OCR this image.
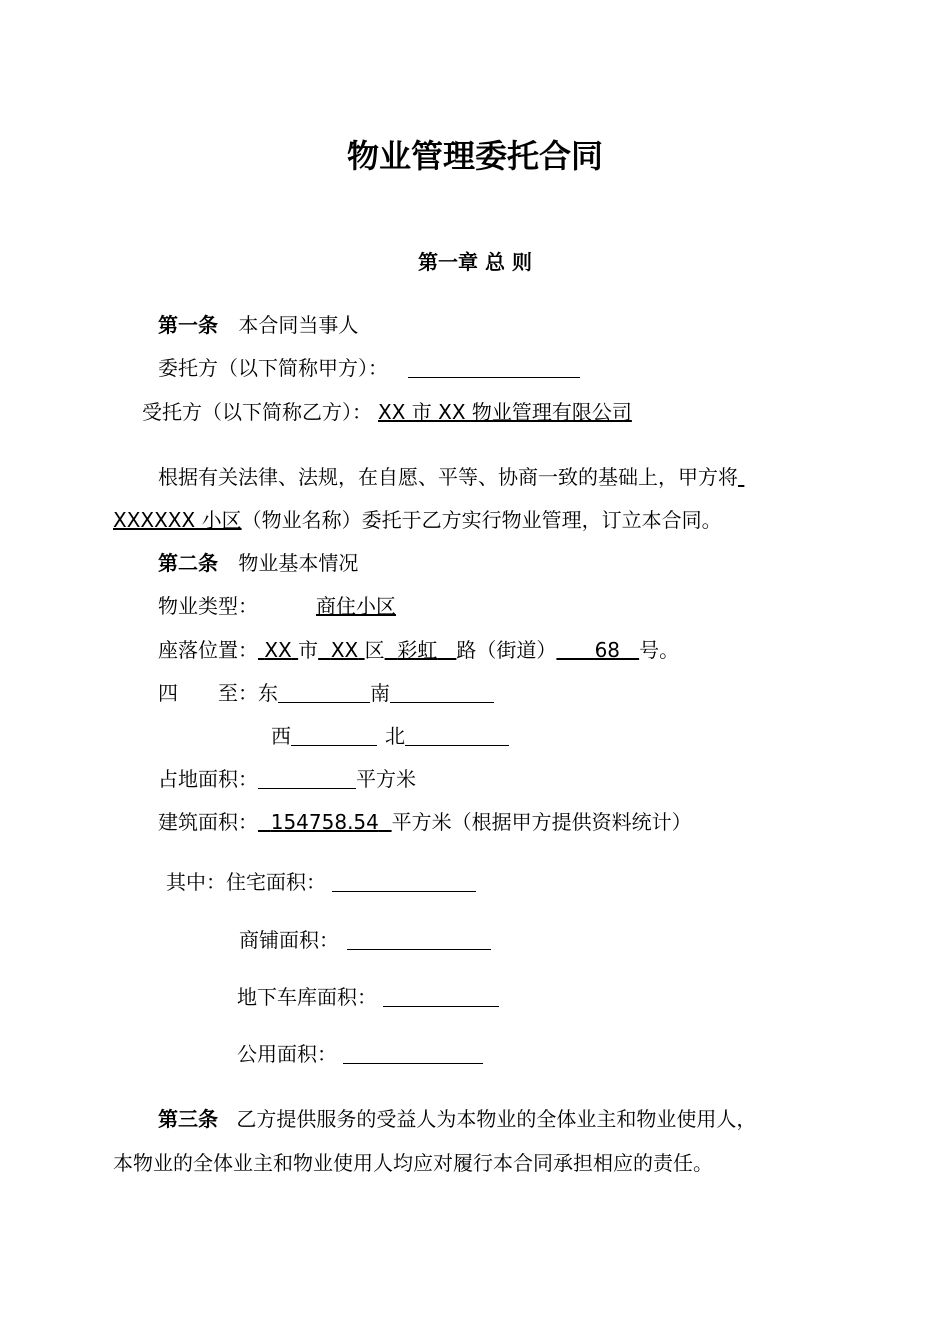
物业管理委托合同
第一章 总 则
第一条 本合同当事人
委托方（以下简称甲方）：
受托方（以下简称乙方）： XX 市 XX 物业管理有限公司
根据有关法律、法规，在自愿、平等、协商一致的基础上，甲方将
XXXXXX 小区（物业名称）委托于乙方实行物业管理，订立本合同。
第二条 物业基本情况
物业类型：	商住小区
座落位置： XX 市 XX 区 彩虹 路（街道） 68 号。
四　　至：东	南
西	北
占地面积：	平方米
建筑面积： 154758.54 平方米（根据甲方提供资料统计）
其中：住宅面积：
商铺面积：
地下车库面积：
公用面积：
第三条 乙方提供服务的受益人为本物业的全体业主和物业使用人，
本物业的全体业主和物业使用人均应对履行本合同承担相应的责任。
